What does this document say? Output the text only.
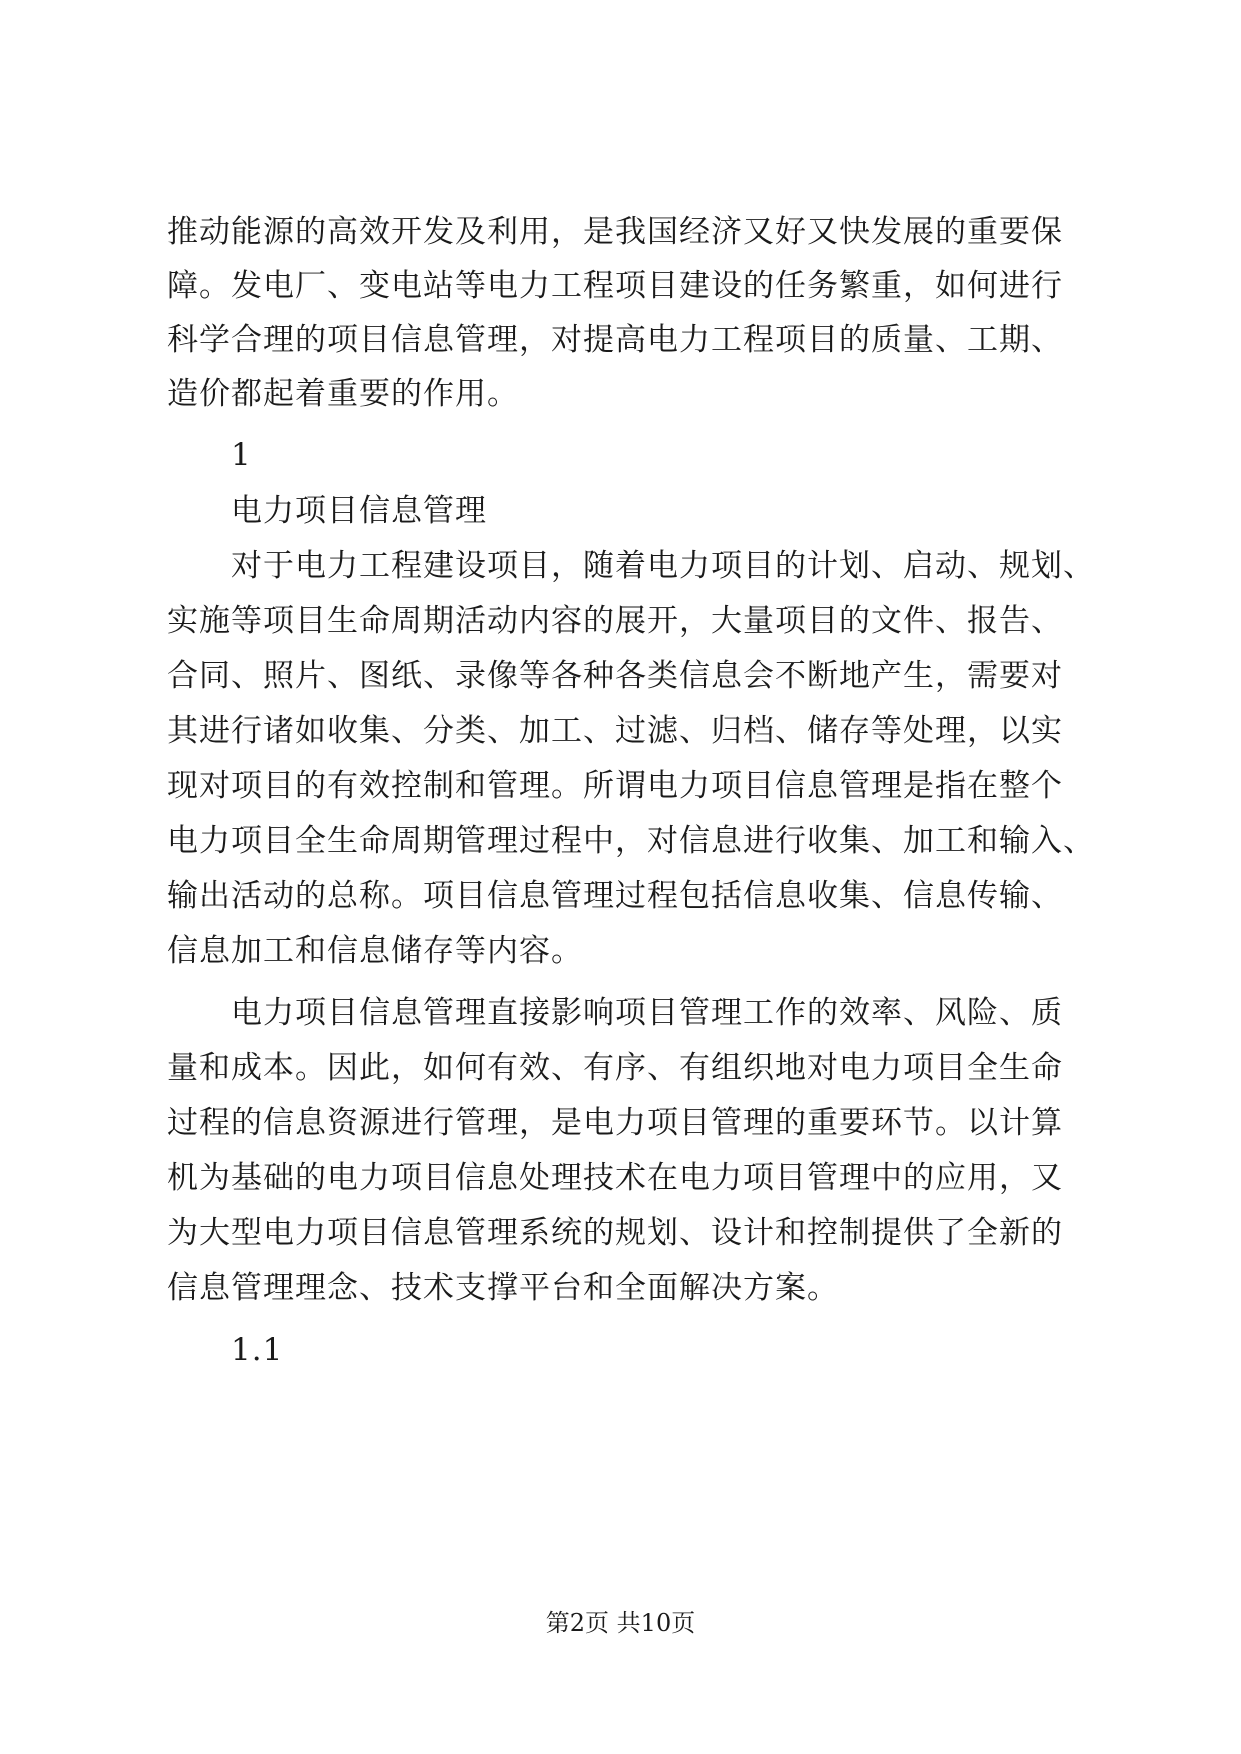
推动能源的高效开发及利用，是我国经济又好又快发展的重要保
障。发电厂、变电站等电力工程项目建设的任务繁重，如何进行
科学合理的项目信息管理，对提高电力工程项目的质量、工期、
造价都起着重要的作用。
1
电力项目信息管理
对于电力工程建设项目，随着电力项目的计划、启动、规划、
实施等项目生命周期活动内容的展开，大量项目的文件、报告、
合同、照片、图纸、录像等各种各类信息会不断地产生，需要对
其进行诸如收集、分类、加工、过滤、归档、储存等处理，以实
现对项目的有效控制和管理。所谓电力项目信息管理是指在整个
电力项目全生命周期管理过程中，对信息进行收集、加工和输入、
输出活动的总称。项目信息管理过程包括信息收集、信息传输、
信息加工和信息储存等内容。
电力项目信息管理直接影响项目管理工作的效率、风险、质
量和成本。因此，如何有效、有序、有组织地对电力项目全生命
过程的信息资源进行管理，是电力项目管理的重要环节。以计算
机为基础的电力项目信息处理技术在电力项目管理中的应用，又
为大型电力项目信息管理系统的规划、设计和控制提供了全新的
信息管理理念、技术支撑平台和全面解决方案。
1.1
第2页 共10页
